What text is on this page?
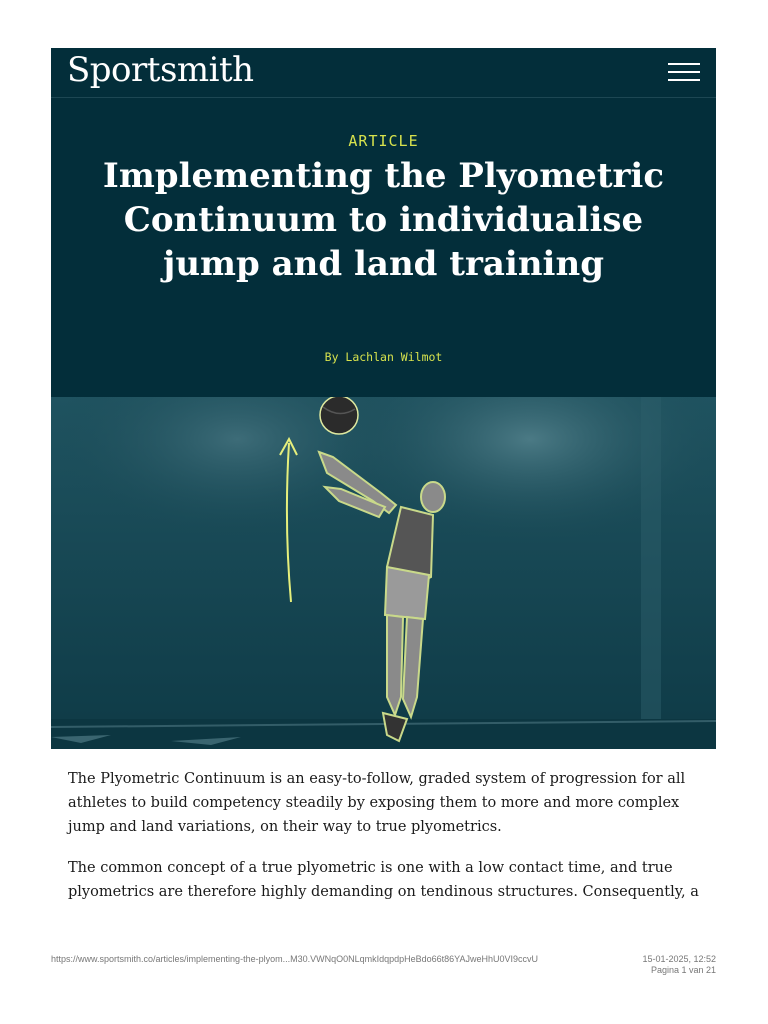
Sportsmith
ARTICLE
Implementing the Plyometric Continuum to individualise jump and land training
By Lachlan Wilmot

The Plyometric Continuum is an easy-to-follow, graded system of progression for all athletes to build competency steadily by exposing them to more and more complex jump and land variations, on their way to true plyometrics.

The common concept of a true plyometric is one with a low contact time, and true plyometrics are therefore highly demanding on tendinous structures. Consequently, a

https://www.sportsmith.co/articles/implementing-the-plyom...M30.VWNqO0NLqmkIdqpdpHeBdo66t86YAJweHhU0VI9ccvU	15-01-2025, 12:52
Pagina 1 van 21
